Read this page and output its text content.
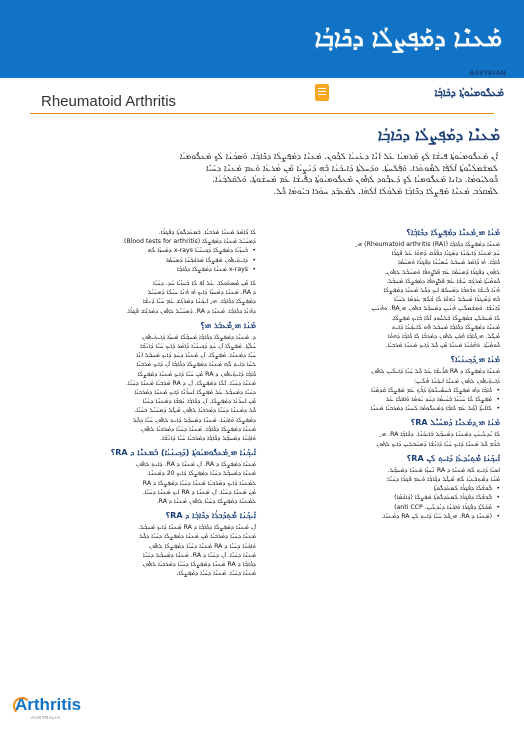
ܡܰܥܢܶܐ ܕܡܰܦ݂ܨܠܳܐ ܕܟܺܐܒ݂ܳܐ
ASSYRIAN
ܡܰܥܠܽܘܡܝܳܘܬ݂ܳܐ ܕܟܺܐܒ݂ܳܐ
Rheumatoid Arthritis
ܡܰܥܢܶܐ ܕܡܰܦ݂ܨܠܳܐ ܕܟܺܐܒ݂ܳܐ
ܐܶܢ ܡܰܥܠܽܘܡܝܳܘܬ݂ܳܐ ܦܝܫܳܐ ܠܳܟ݂ ܡܰܪܡܝܳܐ ܥܰܠ ܐܰܢܶܐ ܕܥܰܢܝܳܐ ܠܰܟ݂ܽܘܢ. ܡܰܥܢܶܐ ܕܡܰܦ݂ܨܠܳܐ ܕܟܺܐܒ݂ܳܐ. ܘܰܣܟ݂ܳܢܳܐ ܠܳܟ݂ ܡܰܥܠܽܘܡܝܳܐ
ܠܰܡܫܰܡܠܳܝܽܘܬ݂ܳܐ ܐܶܠܳܦ݂ܳܐ ܠܡܽܘܬ݂ܳܪܳܐ. ܘܰܦ݂ܰܠܰܚܬܳܐ. ܘܕܰܚܠܬܳܐ ܕܰܐܝܟܰܢܳܐ ܒܶܗ ܕܰܢܰܨܝܳܐ ܡܶܢ ܡܳܪܥܳܐ ܘܰܥܡ ܡܰܥܢܶܐ ܕܚܰܝܶܐ
ܟܽܘܠܝܰܘܡܳܐ. ܕܐܢܐ ܡܰܥܠܽܘܡܝܳܐ ܠܳܟ݂ ܕܰܥܒ݂ܽܘܕ ܠܳܗܽܘܢ ܡܰܥܠܽܘܡܝܳܘܬ݂ܳܐ ܕܦܺܝܫܳܐ ܥܰܡ ܡܰܚܫܳܘܬ݂ܳܐ. ܘܰܠܩܰܠܒ݂ܳܢܳܐ.
ܠܡܶܩܪܰܒ ܡܰܥܢܶܐ ܡܰܦ݂ܨܠܳܐ ܕܟܺܐܒ݂ܳܐ ܡܰܠܘܳܠܳܐ ܐܰܠܳܗܳܐ. ܠܡܶܥܒ݂ܰܕ ܚܘܳܪܳܐ ܒܝܰܘܡܳܐ ܟܽܠ.
ܡܰܢܳܐ ܗ̱ܝ ܡܰܥܢܶܐ ܕܡܰܦ݂ܨܠܳܐ ܕܟܺܐܒ݂ܳܐ؟
ܡܰܥܢܶܐ ܕܡܰܦ݂ܨܠܳܐ ܕܟܺܐܒ݂ܳܐ (Rheumatoid arthritis (RA)) ܗ̱ܝ
ܚܰܕ ܡܰܥܢܶܐ ܕܰܐܝܟ݂ܰܢܳܐ ܕܣܰܓ݂ܝܳܐ ܕܦܳܪܶܩ ܕܰܗܘܳܐ ܥܰܠ ܦܰܓ݂ܪܳܐ
ܟܺܐܒ݂ܳܐ. ܗܳܝ ܕܶܐܡܰܪ ܡܰܚܒܰܠ ܚܶܣܝܳܢܳܐ ܕܦܰܓ݂ܪܳܐ ܘܰܡܚܰܡܶܐ
ܠܗܶܘܢ ܕܦܰܓ݂ܪܳܐ ܕܰܡܚܰܡܶܐ ܥܰܡ ܦܰܪܨܽܘܦܳܐ ܘܰܡܚܰܒܶܠ ܠܗܽܘܢ.
ܟܽܘܡܳܝܰܬ݂ܳܐ ܡܰܪܓܶܫ ܚܰܫܳܐ ܥܰܡ ܦܰܪܨܽܘܦܳܐ ܕܡܰܦ݂ܨܠܳܐ ܡܰܚܒ݂ܳܠ.
ܗܳܢܳܐ ܒܺܝܫܳܐ ܘܪܰܘܒܳܐ ܕܡܰܚܠܰܦ ܐܰܝܟ ܕܟܽܠ ܡܰܥܢܶܐ ܕܡܰܦ݂ܨܠܳܐ
ܒܶܗ ܕܰܣܶܛܪܳܐ ܡܰܚܒܰܠ ܢܶܗܘܶܐ ܠܳܐ ܫܳܠܳܡ ܥܰܕܡܳܐ ܠܚܰܝܶܐ
ܕܶܐܢܳܫܳܐ. ܘܰܡܫܰܡܠܶܝܢ ܗܳܢܰܝܢ ܕܡܰܚܒ݂ܳܠ ܒܗܽܘܢ ܗ̱ܝ RA. ܘܗܳܢܰܝܢ
ܠܳܐ ܡܰܚܒܰܠܰܢ ܒܡܰܦ݂ܨܠܶܐ ܒܰܠܚܽܘܕ ܐܶܠܳܐ ܒܰܐܝܟ ܡܰܦ݂ܨܠܶܐ.
ܡܰܥܢܶܐ ܕܡܰܦ݂ܨܠܳܐ ܕܟܺܐܒ݂ܳܐ ܡܰܚܒܰܠ ܗܽܘ ܠܰܐܝܟ݂ܰܢܳܐ ܕܰܐܝܬ݂
ܡܶܛܽܠ. ܗ̱ܝ ܟܺܐܒ݂ܳܐ ܗܳܟ݂ܰܢ ܠܗܽܘܢ ܕܡܰܪܒܶܐ ܠܳܐ ܟܺܐܒ݂ܳܐ ܕܰܗܘܳܐ
ܟܽܘܡܳܝܰܬ݂ܳܐ. ܘܰܗܳܟ݂ܰܢܳܐ ܡܰܥܢܶܐ ܡܶܢ ܟܽܠ ܕܰܐܝܟ ܡܰܥܢܶܐ ܡܰܪܒܝܳܐ.
ܡܰܢܳܐ ܗ̱ܝ ܕܰܟ݂ܝܢܳܝܳܐ؟
ܡܰܥܢܶܐ ܕܡܰܦ݂ܨܠܳܐ ܕ RA ܦܪܺܝܫܳܐ ܥܰܠ ܟܽܠ ܚܰܝܶܐ ܕܰܐܝܠܶܝܢ ܠܗܽܘܢ
ܕܰܐܝܬ݂ܰܝܗܽܘܢ ܠܗܶܘܢ ܡܰܥܢܶܐ ܐܰܝܟ݂ܰܢܳܐ ܗܳܠܶܝܢ:
• ܟܺܐܒ݂ܳܐ ܕܗܳܝ ܡܰܦ݂ܨܠܶܐ ܒܰܚܣܺܝܢܽܘܬ݂ܳܐ ܕܰܪܶܟ ܥܰܡ ܡܰܦ݂ܨܠܶܐ ܩܰܕܡܳܝܳܐ
• ܡܰܦ݂ܨܠܶܐ ܠܳܐ ܚܰܝܳܢܳܐ ܒܰܚܰܝܡܳܐ ܕܚܰܕ ܝܰܘܡܳܐ ܘܰܐܦܠܳܐ ܥܰܠ
• ܠܰܐܐܰܝܬ݂ܳܐ (ܟ݂ܶܠ ܥܰܡ ܟܺܐܒ݂ܳܐ ܕܡܰܥܠܽܘܡܳܐ ܠܰܚܢܳܐ ܕܡܰܪܒܝܳܐ ܡܰܥܢܶܐ
ܡܰܢܳܐ ܗ̱ܝ ܕܡܰܥܢܶܐ ܕܰܡܚܰܝܶܠ RA؟
ܠܳܐ ܝܳܕܥܺܝܢܰܢ ܕܡܰܥܢܶܐ ܕܡܰܚܒ݂ܳܠ ܒܰܐܝܟ݂ܰܢܳܐ. ܕܟܺܐܒ݂ܳܐ RA. ܗ̱ܝ
ܒܰܪܶܡ ܟܽܠ ܡܰܥܢܶܐ ܕܰܐܝܟ ܚܰܝܶܐ ܕܰܐܢܳܫܳܐ ܕܰܡܚܰܒܠܝܢ ܕܰܐܝܟ ܠܗܶܘܢ
ܐܰܝܟ݂ܰܢܳܐ ܡܶܬ݂ܝܰܕܥܳܐ ܕܰܐܝܬ݂ ܠܰܢ RA؟
ܐܰܣܝܳܐ ܕܰܐܝܬ݂ ܠܶܗ ܡܰܥܢܶܐ ܕ RA ܢܶܚܙܶܐ ܡܰܥܢܶܐ ܕܡܰܚܒ݂ܳܠ.
ܡܰܢܳܐ ܕܡܶܬ݂ܒܰܥܝܳܐ ܠܶܗ ܡܶܛܽܠ ܕܟ݂ܺܐܒ݂ܳܐ ܘܰܥܡ ܦܰܓ݂ܪܳܐ ܕܚܰܝܶܐ:
• ܒܽܘܫܳܠܳܐ ܕܦܰܓ݂ܪܳܐ ܠܰܡܥܰܕܠܽܘܬ݂ܳܐ
• ܒܽܘܫܳܠܳܐ ܕܦܰܓ݂ܪܳܐ ܠܰܡܥܰܕܠܽܘܬ݂ܳܐ ܡܰܦ݂ܨܠܳܐ (ܕܰܐܟܳܡܳܐ)
• ܡܶܟܰܠܳܬ݂ܳܐ ܕܦܰܓ݂ܪܳܐ ܘܰܐܟ݂ܰܢܳܐ ܕܝܳܕܥܺܝܢ. anti CCP)
• (ܡܰܥܢܶܐ ܕ RA. ܗ̱ܝ ܟܽܠ ܚܰܝܶܐ ܕܰܐܝܬ݂ ܠܰܢ RA ܕܡܰܥܢܶܐ.
ܠܳܐ ܕܶܐܡܰܪ ܡܰܥܢܶܐ ܡܰܪܒܝܳܐ. ܒܰܡܥܰܕܠܽܘܬ݂ܳܐ ܕܦܰܓ݂ܪܳܐ.
ܕܰܡܚܰܝܶܠ ܡܰܥܢܶܐ ܕܡܰܦ݂ܨܠܳܐ (Blood tests for arthritis).
• ܒܰܚܙܳܝܳܐ ܕܡܰܦ݂ܨܠܳܐ ܕܰܟ݂ܝܢܳܝܳܐ x-rays ܕܡܰܚܙܶܐ ܠܳܗ
• ܕܰܐܝܬ݂ܰܝܗܽܘܢ ܡܰܦ݂ܨܠܶܐ ܡܰܪܟܰܒ݂ܳܢܳܐ ܕܰܡܚܰܡܶܐ
• x-rays ܡܰܥܢܶܐ ܕܡܰܦ݂ܨܠܳܐ ܕܟܺܐܒ݂ܳܐ
ܠܳܐ ܡܶܢ ܡܶܣܬܰܟ݂ܠܳܐ. ܥܰܠ ܐܳܦ ܠܳܐ ܒܰܚܙܳܝܳܐ ܚܰܕ. ܕܚܰܝܳܐ
ܕ RA. ܡܰܥܢܶܐ ܕܡܰܚܙܶܐ ܕܰܐܝܟ ܗܳܝ ܗܳܢܳܐ ܚܝܳܠܳܐ ܕܰܡܚܰܝܶܠ
ܕܡܰܦ݂ܨܠܳܐ ܕܟܺܐܒ݂ܳܐ. ܗ̱ܝ. ܐܰܝܟ݂ܰܢܳܐ ܕܡܰܪܓܶܫ ܥܰܡ ܚܰܝܶܐ ܕܰܢܫܶܐ
ܕܗܳܢܳܐ ܕܟܺܐܒ݂ܳܐ. ܡܰܥܢܶܐ ܕ RA. ܕܰܡܚܰܝܶܠ ܠܗܽܘܢ ܕܡܰܪܓܶܫ ܦܰܓ݂ܪܳܐ.
ܡܰܢܳܐ ܗ̱ܝ ܡܶܥܒܳܪ ܗ̱ܝ؟
ܕ. ܡܰܥܢܶܐ ܕܡܰܦ݂ܨܠܳܐ ܕܟܺܐܒ݂ܳܐ ܡܰܚܒ݂ܳܠܳܐ ܡܰܚܙܶܐ ܕܰܐܝܬ݂ܰܝܗܽܘܢ
ܚܳܠܳܬ݂ܳܐ. ܡܰܦ݂ܨܠܶܐ ܐܶܢ ܚܰܕ ܕܰܟ݂ܝܢܳܝܳܐ ܕܶܐܡܰܪ ܕܰܐܝܟ ܚܰܝܶܐ ܕܰܐܢܳܫܳܐ
ܚܰܝܶܐ ܕܡܰܥܢܶܐ. ܡܰܦ݂ܨܠܶܐ. ܐܶܢ ܡܰܥܢܶܐ ܕܚܰܕ ܕܰܐܝܟ ܡܰܚܒܰܠ ܐܰܢܳܐ
ܠܚܳܐ ܕܰܐܝܬ݂ ܠܶܗ ܡܰܥܢܶܐ ܕܡܰܦ݂ܨܠܳܐ ܕܟܺܐܒ݂ܳܐ ܐܶܢ ܕܰܐܝܟ ܡܰܪܒܝܳܐ
ܟܺܐܒ݂ܳܐ ܕܰܐܝܬ݂ܰܝܗܽܘܢ ܕ RA ܡܶܢ ܚܰܝܶܐ ܕܰܐܝܟ ܡܰܥܢܶܐ ܕܡܰܦ݂ܨܠܳܐ
ܡܰܥܢܶܐ ܕܚܰܝܶܐ. ܐܶܠܳܐ ܕܡܰܦ݂ܨܠܳܐ. ܐܶܢ ܕ RA ܡܰܪܒܝܳܐ ܡܰܥܢܶܐ ܕܚܰܝܶܐ.
ܕܚܰܝܶܐ ܕܡܰܚܒ݂ܳܠ ܥܰܠ ܡܰܦ݂ܨܠܶܐ ܐܰܚܪܳܢܶܐ ܕܰܐܝܟ ܡܰܥܢܶܐ ܕܡܰܪܒܝܳܐ
ܡܶܢ ܐܰܚܪܳܢܳܐ ܕܡܰܦ݂ܨܠܳܐ. ܐܶܢ ܕܟܺܐܒ݂ܳܐ ܢܰܦ݂ܫܳܐ ܕܡܰܥܢܶܐ ܕܚܰܝܶܐ
ܟܽܠ ܕܡܰܥܢܶܐ ܕܚܰܝܶܐ ܕܡܰܪܒܝܳܐ ܠܗܽܘܢ ܡܶܛܽܠ ܕܰܡܚܰܝܶܠ ܒܚܰܝܶܐ.
ܕܡܰܦ݂ܨܠܳܐ ܘܰܐܟ݂ܰܢܳܐ. ܡܰܥܢܶܐ ܕܡܰܚܒ݂ܳܠ ܕܰܐܝܬ݂ ܠܗܽܘܢ ܚܰܝܶܐ ܕܟܽܠ
ܡܰܥܢܶܐ ܕܡܰܦ݂ܨܠܳܐ ܕܟܺܐܒ݂ܳܐ. ܡܰܥܢܶܐ ܕܚܰܝܶܐ ܕܡܰܪܒܝܳܐ ܠܗܽܘܢ
ܘܰܐܟ݂ܰܢܳܐ ܕܡܰܚܒ݂ܳܠ ܕܟܺܐܒ݂ܳܐ ܕܡܰܪܒܝܳܐ ܚܰܝܶܐ ܕܰܐܢܳܫܳܐ.
ܐܰܝܟ݂ܰܢܳܐ ܗ̱ܝ ܡܰܥܠܽܘܡܝܳܘܬ݂ܳܐ (ܕܰܟ݂ܝܢܳܝܳܐ) ܒܰܡܥܢܶܐ ܕ RA؟
ܡܰܥܢܶܐ ܕܡܰܦ݂ܨܠܳܐ ܕ RA. ܐܶܢ ܡܰܥܢܶܐ ܕ RA. ܕܰܐܝܬ݂ ܠܗܽܘܢ
ܡܰܥܢܶܐ ܕܡܰܚܒ݂ܳܠ ܕܚܰܝܶܐ ܕܡܰܦ݂ܨܠܳܐ ܕܰܐܝܟ 20 ܕܡܰܥܢܶܐ.
ܠܡܰܥܢܶܐ ܕܰܐܝܟ ܕܡܰܪܒܝܳܐ ܡܰܥܢܶܐ ܕܚܰܝܶܐ ܕܡܰܦ݂ܨܠܳܐ ܕ RA
ܡܶܢ ܡܰܥܢܶܐ ܕܚܰܝܶܐ. ܐܶܢ ܡܰܥܢܶܐ ܕ RA ܐܰܝܟ ܡܰܥܢܶܐ ܕܚܰܝܶܐ.
ܠܡܰܥܢܶܐ ܕܡܰܦ݂ܨܠܳܐ ܕܚܰܝܶܐ ܠܗܽܘܢ ܡܰܥܢܶܐ ܕ RA.
ܐܰܝܟ݂ܰܢܳܐ ܡܶܬ݂ܕܰܒܪܳܐ ܕܟܺܐܒ݂ܳܐ ܕ RA؟
ܐܶܢ ܡܰܥܢܶܐ ܕܡܰܦ݂ܨܠܳܐ ܕܟܺܐܒ݂ܳܐ ܕ RA ܡܰܥܢܶܐ ܕܰܐܝܟ ܡܰܚܒ݂ܳܠ.
ܡܰܥܢܶܐ ܕܚܰܝܶܐ ܕܡܰܪܒܝܳܐ ܡܶܢ ܡܰܥܢܶܐ ܕܡܰܦ݂ܨܠܳܐ ܕܚܰܝܶܐ ܕܟܽܠ
ܘܰܐܟ݂ܰܢܳܐ ܕܚܰܝܶܐ ܕ RA ܡܰܥܢܶܐ ܕܚܰܝܶܐ ܕܡܰܦ݂ܨܠܳܐ ܠܗܽܘܢ
ܡܰܥܢܶܐ ܕܚܰܝܶܐ. ܐܶܢ ܕܚܰܝܶܐ ܕ RA. ܡܰܥܢܶܐ ܕܡܰܚܒ݂ܳܠ ܕܚܰܝܶܐ
ܕܟܺܐܒ݂ܳܐ ܕ RA ܡܰܥܢܶܐ ܕܡܰܦ݂ܨܠܳܐ ܕܚܰܝܶܐ ܕܡܰܪܒܝܳܐ ܠܗܽܘܢ
ܡܰܥܢܶܐ ܕܚܰܝܶܐ. ܡܰܥܢܶܐ ܕܚܰܝܶܐ ܕܡܰܦ݂ܨܠܳܐ.
Arthritis
AUSTRALIA
